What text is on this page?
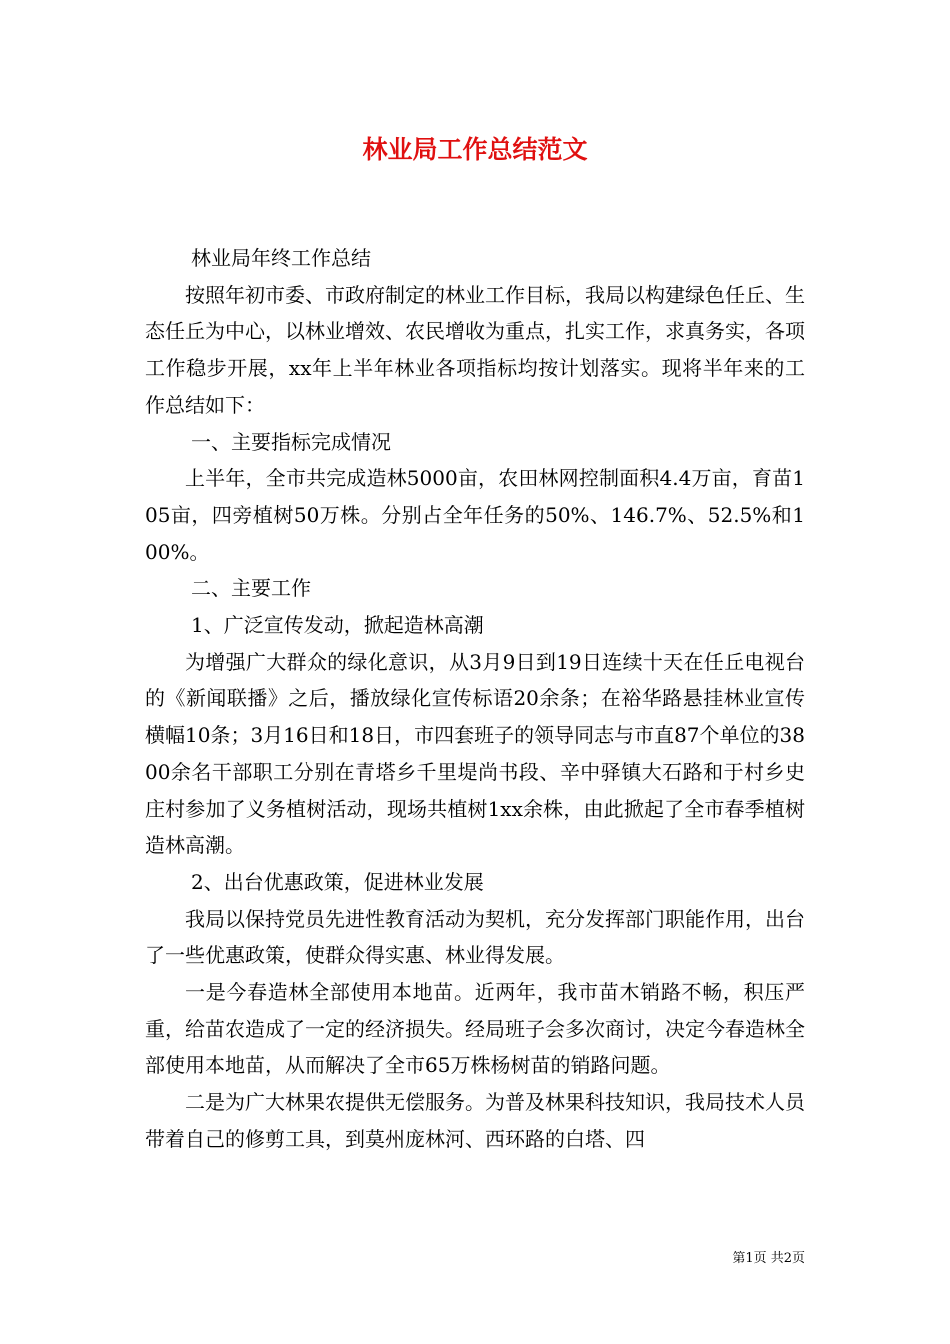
林业局工作总结范文

林业局年终工作总结

按照年初市委、市政府制定的林业工作目标，我局以构建绿色任丘、生态任丘为中心，以林业增效、农民增收为重点，扎实工作，求真务实，各项工作稳步开展，xx年上半年林业各项指标均按计划落实。现将半年来的工作总结如下：

一、主要指标完成情况

上半年，全市共完成造林5000亩，农田林网控制面积4.4万亩，育苗105亩，四旁植树50万株。分别占全年任务的50%、146.7%、52.5%和100%。

二、主要工作

1、广泛宣传发动，掀起造林高潮

为增强广大群众的绿化意识，从3月9日到19日连续十天在任丘电视台的《新闻联播》之后，播放绿化宣传标语20余条；在裕华路悬挂林业宣传横幅10条；3月16日和18日，市四套班子的领导同志与市直87个单位的3800余名干部职工分别在青塔乡千里堤尚书段、辛中驿镇大石路和于村乡史庄村参加了义务植树活动，现场共植树1xx余株，由此掀起了全市春季植树造林高潮。

2、出台优惠政策，促进林业发展

我局以保持党员先进性教育活动为契机，充分发挥部门职能作用，出台了一些优惠政策，使群众得实惠、林业得发展。

一是今春造林全部使用本地苗。近两年，我市苗木销路不畅，积压严重，给苗农造成了一定的经济损失。经局班子会多次商讨，决定今春造林全部使用本地苗，从而解决了全市65万株杨树苗的销路问题。

二是为广大林果农提供无偿服务。为普及林果科技知识，我局技术人员带着自己的修剪工具，到莫州庞林河、西环路的白塔、四

第1页 共2页
